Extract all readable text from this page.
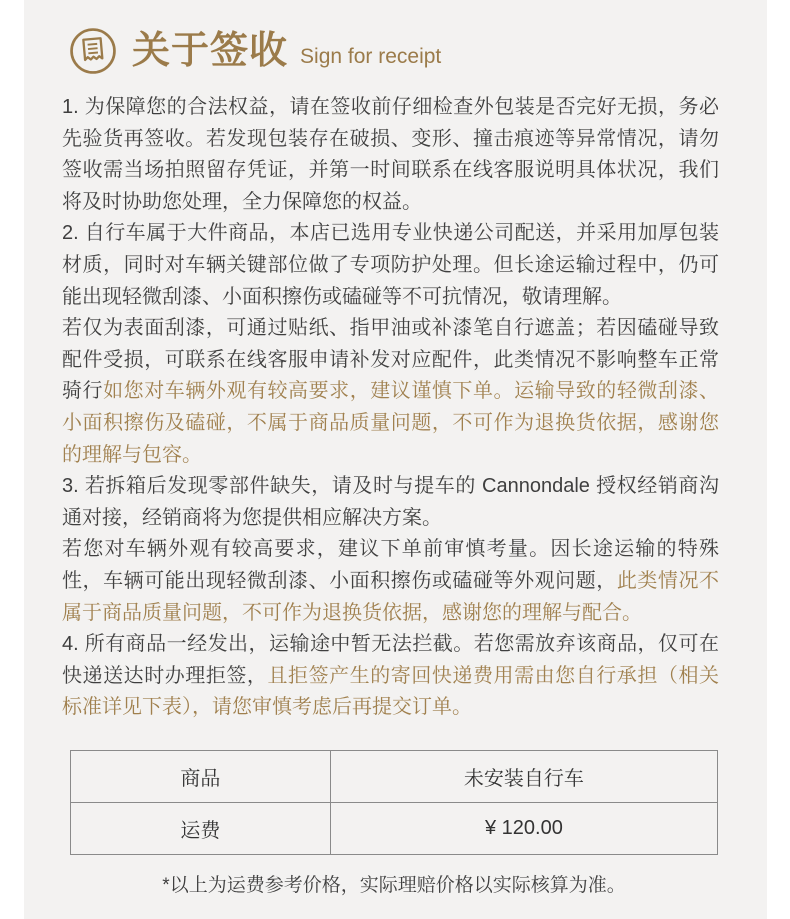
关于签收 Sign for receipt

1. 为保障您的合法权益，请在签收前仔细检查外包装是否完好无损，务必先验货再签收。若发现包装存在破损、变形、撞击痕迹等异常情况，请勿签收需当场拍照留存凭证，并第一时间联系在线客服说明具体状况，我们将及时协助您处理，全力保障您的权益。

2. 自行车属于大件商品，本店已选用专业快递公司配送，并采用加厚包装材质，同时对车辆关键部位做了专项防护处理。但长途运输过程中，仍可能出现轻微刮漆、小面积擦伤或磕碰等不可抗情况，敬请理解。

若仅为表面刮漆，可通过贴纸、指甲油或补漆笔自行遮盖；若因磕碰导致配件受损，可联系在线客服申请补发对应配件，此类情况不影响整车正常骑行如您对车辆外观有较高要求，建议谨慎下单。运输导致的轻微刮漆、小面积擦伤及磕碰，不属于商品质量问题，不可作为退换货依据，感谢您的理解与包容。

3. 若拆箱后发现零部件缺失，请及时与提车的 Cannondale 授权经销商沟通对接，经销商将为您提供相应解决方案。

若您对车辆外观有较高要求，建议下单前审慎考量。因长途运输的特殊性，车辆可能出现轻微刮漆、小面积擦伤或磕碰等外观问题，此类情况不属于商品质量问题，不可作为退换货依据，感谢您的理解与配合。

4. 所有商品一经发出，运输途中暂无法拦截。若您需放弃该商品，仅可在快递送达时办理拒签，且拒签产生的寄回快递费用需由您自行承担（相关标准详见下表），请您审慎考虑后再提交订单。

商品	未安装自行车
运费	¥ 120.00
*以上为运费参考价格，实际理赔价格以实际核算为准。
